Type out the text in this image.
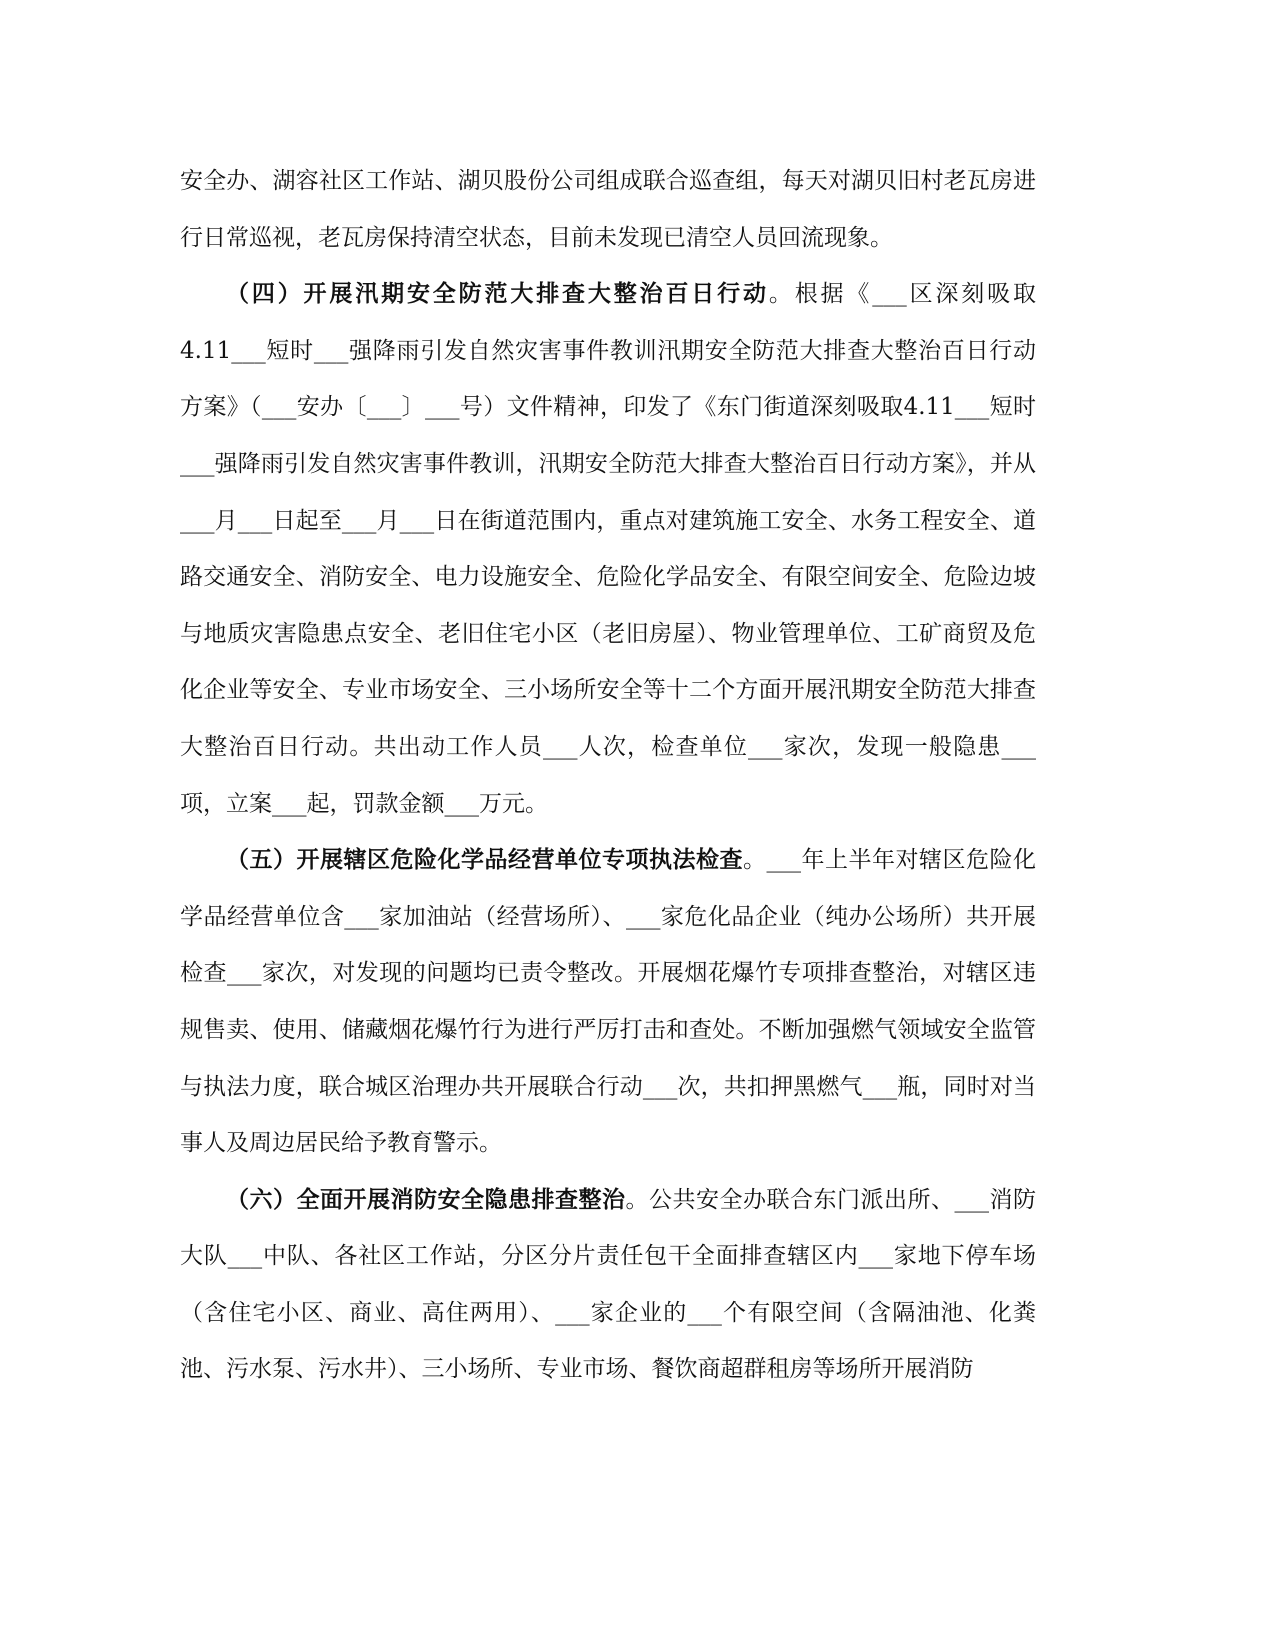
安全办、湖容社区工作站、湖贝股份公司组成联合巡查组，每天对湖贝旧村老瓦房进行日常巡视，老瓦房保持清空状态，目前未发现已清空人员回流现象。

（四）开展汛期安全防范大排查大整治百日行动。根据《___区深刻吸取4.11___短时___强降雨引发自然灾害事件教训汛期安全防范大排查大整治百日行动方案》（___安办〔___〕___号）文件精神，印发了《东门街道深刻吸取4.11___短时___强降雨引发自然灾害事件教训，汛期安全防范大排查大整治百日行动方案》，并从___月___日起至___月___日在街道范围内，重点对建筑施工安全、水务工程安全、道路交通安全、消防安全、电力设施安全、危险化学品安全、有限空间安全、危险边坡与地质灾害隐患点安全、老旧住宅小区（老旧房屋）、物业管理单位、工矿商贸及危化企业等安全、专业市场安全、三小场所安全等十二个方面开展汛期安全防范大排查大整治百日行动。共出动工作人员___人次，检查单位___家次，发现一般隐患___项，立案___起，罚款金额___万元。

（五）开展辖区危险化学品经营单位专项执法检查。___年上半年对辖区危险化学品经营单位含___家加油站（经营场所）、___家危化品企业（纯办公场所）共开展检查___家次，对发现的问题均已责令整改。开展烟花爆竹专项排查整治，对辖区违规售卖、使用、储藏烟花爆竹行为进行严厉打击和查处。不断加强燃气领域安全监管与执法力度，联合城区治理办共开展联合行动___次，共扣押黑燃气___瓶，同时对当事人及周边居民给予教育警示。

（六）全面开展消防安全隐患排查整治。公共安全办联合东门派出所、___消防大队___中队、各社区工作站，分区分片责任包干全面排查辖区内___家地下停车场（含住宅小区、商业、高住两用）、___家企业的___个有限空间（含隔油池、化粪池、污水泵、污水井）、三小场所、专业市场、餐饮商超群租房等场所开展消防
